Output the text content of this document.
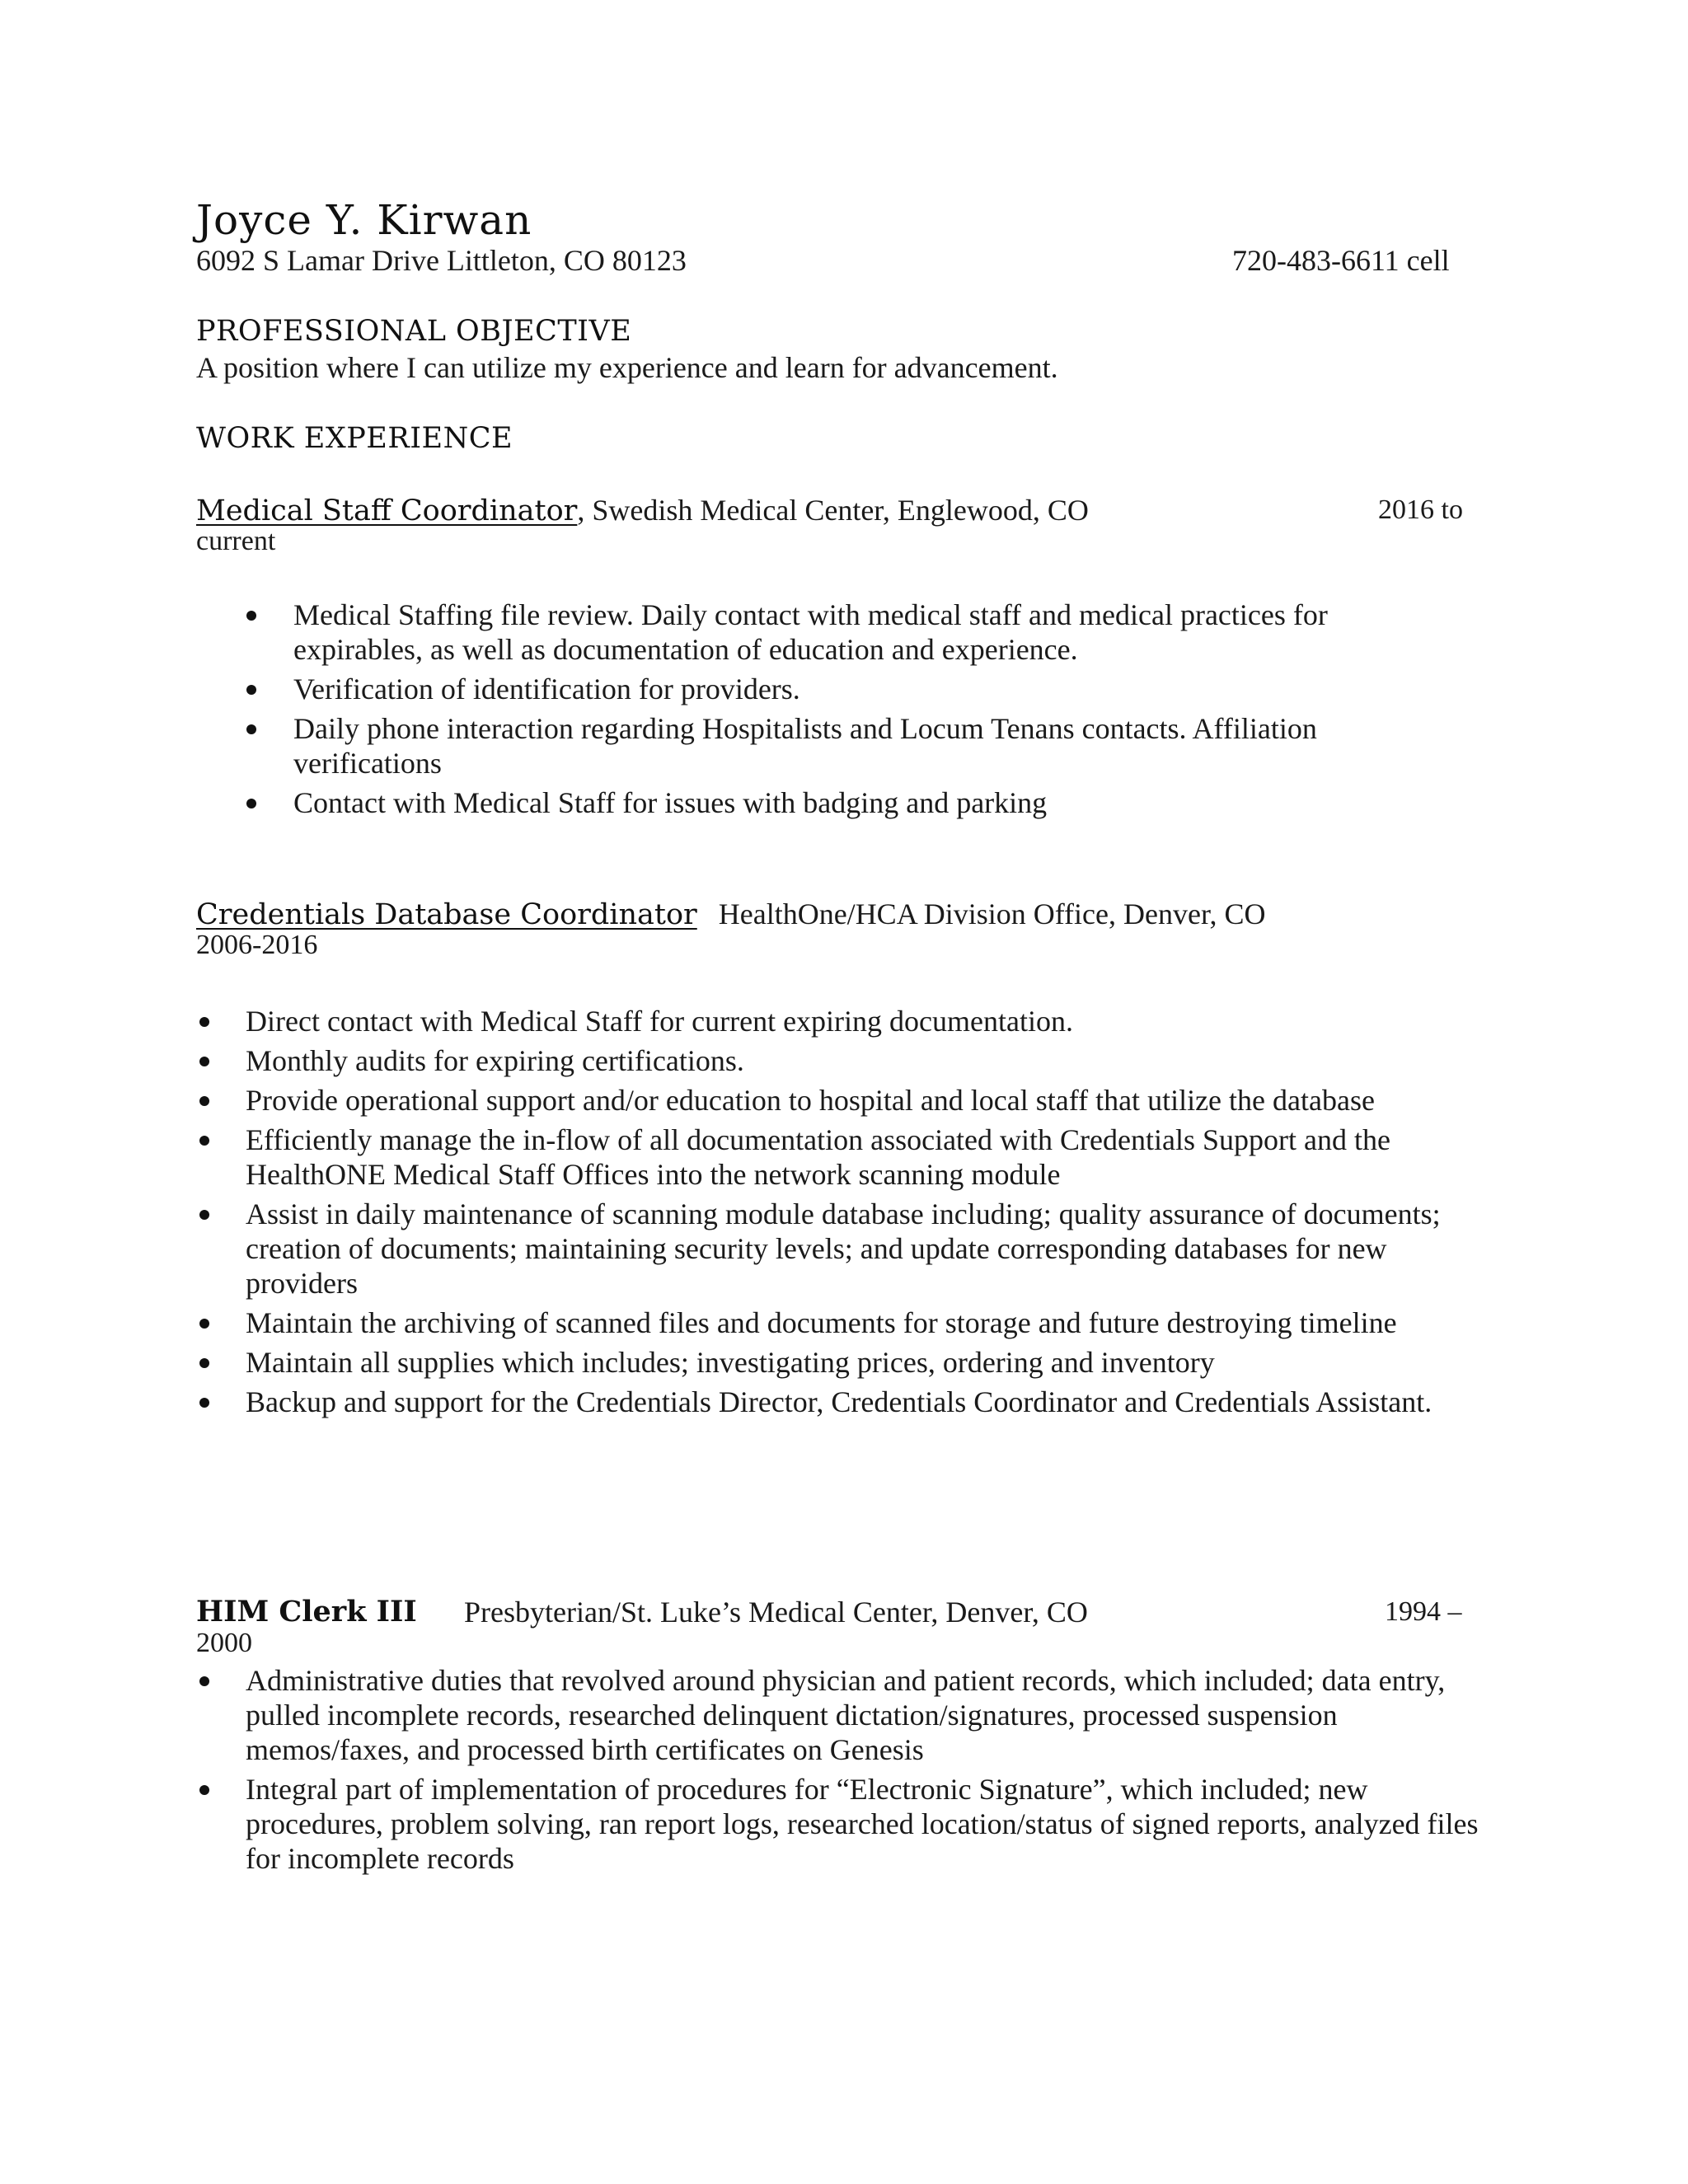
Joyce Y. Kirwan
6092 S Lamar Drive Littleton, CO 80123	720-483-6611 cell
PROFESSIONAL OBJECTIVE
A position where I can utilize my experience and learn for advancement.
WORK EXPERIENCE
Medical Staff Coordinator, Swedish Medical Center, Englewood, CO	2016 to
current
Medical Staffing file review. Daily contact with medical staff and medical practices for expirables, as well as documentation of education and experience.
Verification of identification for providers.
Daily phone interaction regarding Hospitalists and Locum Tenans contacts. Affiliation verifications
Contact with Medical Staff for issues with badging and parking
Credentials Database Coordinator HealthOne/HCA Division Office, Denver, CO
2006-2016
Direct contact with Medical Staff for current expiring documentation.
Monthly audits for expiring certifications.
Provide operational support and/or education to hospital and local staff that utilize the database
Efficiently manage the in-flow of all documentation associated with Credentials Support and the HealthONE Medical Staff Offices into the network scanning module
Assist in daily maintenance of scanning module database including; quality assurance of documents; creation of documents; maintaining security levels; and update corresponding databases for new providers
Maintain the archiving of scanned files and documents for storage and future destroying timeline
Maintain all supplies which includes; investigating prices, ordering and inventory
Backup and support for the Credentials Director, Credentials Coordinator and Credentials Assistant.
HIM Clerk III Presbyterian/St. Luke’s Medical Center, Denver, CO	1994 –
2000
Administrative duties that revolved around physician and patient records, which included; data entry, pulled incomplete records, researched delinquent dictation/signatures, processed suspension memos/faxes, and processed birth certificates on Genesis
Integral part of implementation of procedures for “Electronic Signature”, which included; new procedures, problem solving, ran report logs, researched location/status of signed reports, analyzed files for incomplete records
